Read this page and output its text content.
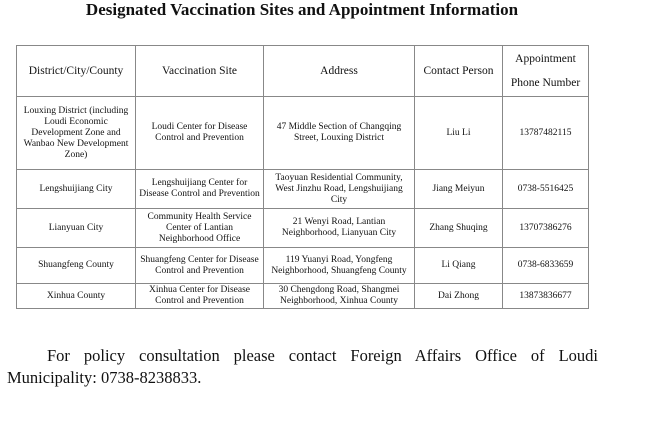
Designated Vaccination Sites and Appointment Information
District/City/County	Vaccination Site	Address	Contact Person	Appointment
Phone Number

Louxing District (including Loudi Economic Development Zone and Wanbao New Development Zone)	Loudi Center for Disease Control and Prevention	47 Middle Section of Changqing Street, Louxing District	Liu Li	13787482115
Lengshuijiang City	Lengshuijiang Center for Disease Control and Prevention	Taoyuan Residential Community, West Jinzhu Road, Lengshuijiang City	Jiang Meiyun	0738-5516425
Lianyuan City	Community Health Service Center of Lantian Neighborhood Office	21 Wenyi Road, Lantian Neighborhood, Lianyuan City	Zhang Shuqing	13707386276
Shuangfeng County	Shuangfeng Center for Disease Control and Prevention	119 Yuanyi Road, Yongfeng Neighborhood, Shuangfeng County	Li Qiang	0738-6833659
Xinhua County	Xinhua Center for Disease Control and Prevention	30 Chengdong Road, Shangmei Neighborhood, Xinhua County	Dai Zhong	13873836677

For policy consultation please contact Foreign Affairs Office of Loudi Municipality: 0738-8238833.
